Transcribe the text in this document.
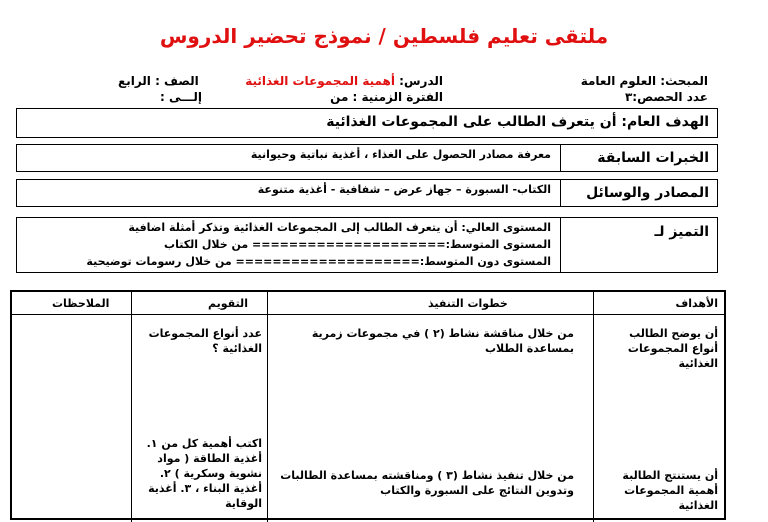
ملتقى تعليم فلسطين / نموذج تحضير الدروس
المبحث: العلوم العامة
الدرس: أهمية المجموعات الغذائية
الصف : الرابع
عدد الحصص:٣
الفترة الزمنية : من
إلـــى :
الهدف العام: أن يتعرف الطالب على المجموعات الغذائية
الخبرات السابقة
معرفة مصادر الحصول على الغذاء ، أغذية نباتية وحيوانية
المصادر والوسائل
الكتاب- السبورة – جهاز عرض – شفافية - أغذية متنوعة
التميز لـ
المستوى العالي: أن يتعرف الطالب إلى المجموعات الغذائية وتذكر أمثلة اضافية
المستوى المتوسط:===================== من خلال الكتاب
المستوى دون المتوسط:==================== من خلال رسومات توضيحية
الأهداف
خطوات التنفيذ
التقويم
الملاحظات
أن يوضح الطالب أنواع المجموعات الغذائية
من خلال مناقشة نشاط (٢ ) في مجموعات زمرية بمساعدة الطلاب
عدد أنواع المجموعات الغذائية ؟
أن يستنتج الطالبة أهمية المجموعات الغذائية
من خلال تنفيذ نشاط (٣ ) ومناقشته بمساعدة الطالبات وتدوين النتائج على السبورة والكتاب
اكتب أهمية كل من ١. أغذية الطاقة ( مواد نشوية وسكرية ) ٢. أغذية البناء ، ٣. أغذية الوقاية
